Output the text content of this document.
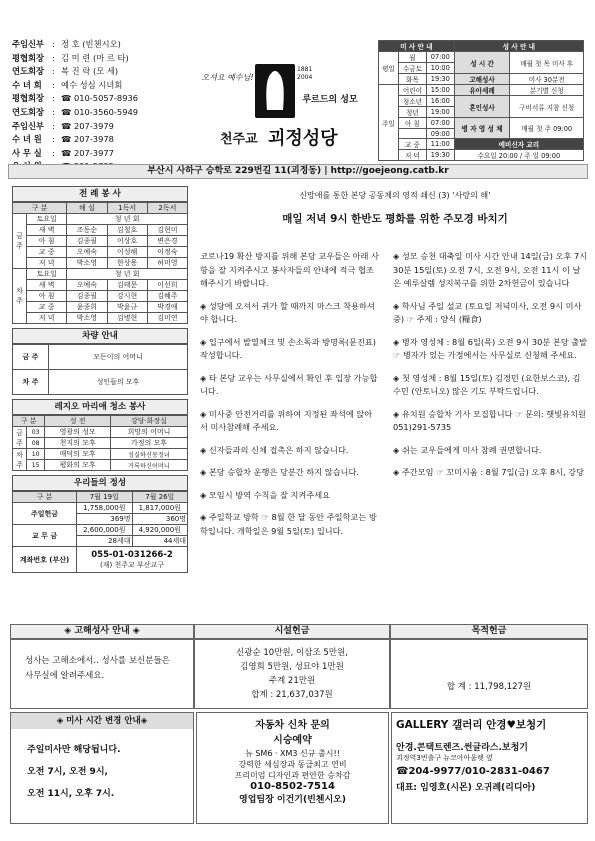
주임신부 : 정 호 (빈첸시오)
평협회장 : 김 미 련 (마 르 타)
연도회장 : 복 진 락 (모 세)
수 녀 회	: 예수 성심 시녀회
평협회장 : ☎ 010-5057-8936
연도회장 : ☎ 010-3560-5949
주임신부 : ☎ 207-3979
수 녀 원	: ☎ 207-3978
사 무 실	: ☎ 207-3977
오셔요 예수님!
1881 2004
루르드의 성모
천주교 괴정성당
미 사 안 내			성 사 안 내	
평일	월	07:00	성 시 간	매월 첫 목 미사 후
	수금토	10:00		
	화목	19:30	고해성사	미사 30분전
주일	어린이	15:00	유아세례	분기별 신청
	청소년	16:00	혼인성사	구비서류 지참 신청
	청년	19:00		
	아 침	07:00	병 자 영 성 체	매월 첫 주 09:00
		09:00		
	교 중	11:00	예비신자 교리	
	저 녁	19:30	수요일 20:00 / 주 일 09:00	
부산시 사하구 승학로 229번길 11(괴정동) | http://goejeong.catb.kr
전 례 봉 사
구 분		해 설	1독서	2독서
금주	토요일	청 년 회		
	새 벽	조동순	김철호	김현미
	아 침	김종필	이상호	변은경
	교 중	오예숙	이성해	이정숙
	저 녁	박소영	한상용	허미영
차주	토요일	청 년 회		
	새 벽	오예숙	김태문	이선희
	아 침	김종필	강시현	김혜주
	교 중	윤종희	박윤규	박경애
	저 녁	박소영	김병현	김미연
차량 안내
금 주	모든이의 어머니
차 주	성인들의 모후
레지오 마리애 청소 봉사
구 분		성 전	강당·화장실
금주	03	영광의 성모	희망의 어머니
	08	천지의 모후	가정의 모후
차주	10	매덕의 모후	성실하신동정녀
	15	평화의 모후	거룩하신어머니
우리들의 정성
구 분	7월 19일	7월 26일
주일헌금	1,758,000원	1,817,000원
	369명	360명
교 무 금	2,600,000원	4,920,000원
	28세대	44세대
계좌번호 (부산)	055-01-031266-2
(재) 천주교 부산교구	
신망애를 통한 본당 공동체의 영적 쇄신 (3) ‘사랑의 해’
매일 저녁 9시 한반도 평화를 위한 주모경 바치기
코로나19 확산 방지를 위해 본당 교우들은 아래 사항을 잘 지켜주시고 봉사자들의 안내에 적극 협조해주시기 바랍니다.
◈ 성당에 오셔서 귀가 할 때까지 마스크 착용하셔야 합니다.
◈ 입구에서 발열체크 및 손소독과 방명록(문진표) 작성합니다.
◈ 타 본당 교우는 사무실에서 확인 후 입장 가능합니다.
◈ 미사중 안전거리를 위하여 지정된 좌석에 앉아서 미사참례해 주세요.
◈ 신자들과의 신체 접촉은 하지 않습니다.
◈ 본당 승합차 운행은 당분간 하지 않습니다.
◈ 모임시 방역 수칙을 잘 지켜주세요
◈ 주일학교 방학 ☞ 8월 한 달 동안 주일학교는 방학입니다. 개학일은 9월 5일(토) 입니다.
◈ 성모 승천 대축일 미사 시간 안내 14일(금) 오후 7시 30분 15일(토) 오전 7시, 오전 9시, 오전 11시 이 날은 예루살렘 성지복구를 위한 2차헌금이 있습니다
◈ 학사님 주일 설교 (토요일 저녁미사, 오전 9시 미사중) ☞ 주제 : 양식 (糧食)
◈ 병자 영성체 : 8월 6일(목) 오전 9시 30분 본당 출발 ☞ 병자가 있는 가정에서는 사무실로 신청해 주세요.
◈ 첫 영성체 : 8월 15일(토) 김경민 (요한보스코), 김수민 (안토니오) 많은 기도 부탁드립니다.
◈ 유치원 승합차 기사 모집합니다 ☞ 문의: 햇빛유치원 051)291-5735
◈ 쉬는 교우들에게 미사 참례 권면합니다.
◈ 주간모임 ☞ 꼬미시움 : 8월 7일(금) 오후 8시, 강당
◈ 고해성사 안내 ◈	시설헌금	목적헌금
성사는 고해소에서.. 성사를 보신분들은 사무실에 알려주세요.
신광순 10만원, 이삼조 5만원,
김영희 5만원, 성묘야 1만원
주계 21만원
합계 : 21,637,037원
합 계 : 11,798,127원
◈ 미사 시간 변경 안내◈
주일미사만 해당됩니다.
오전 7시, 오전 9시,
오전 11시, 오후 7시.
자동차 신차 문의
시승예약
뉴 SM6 · XM3 신규 출시!!
강력한 세심장과 동급최고 연비
프리미엄 디자인과 편안한 승차감
010-8502-7514
영업팀장 이건기(빈첸시오)
GALLERY 갤러리 안경♥보청기
안경.콘택트렌즈.썬글라스.보청기
괴정역3번출구 뉴코아아울렛 옆
☎204-9977/010-2831-0467
대표: 임영호(시몬) 오귀례(리디아)
